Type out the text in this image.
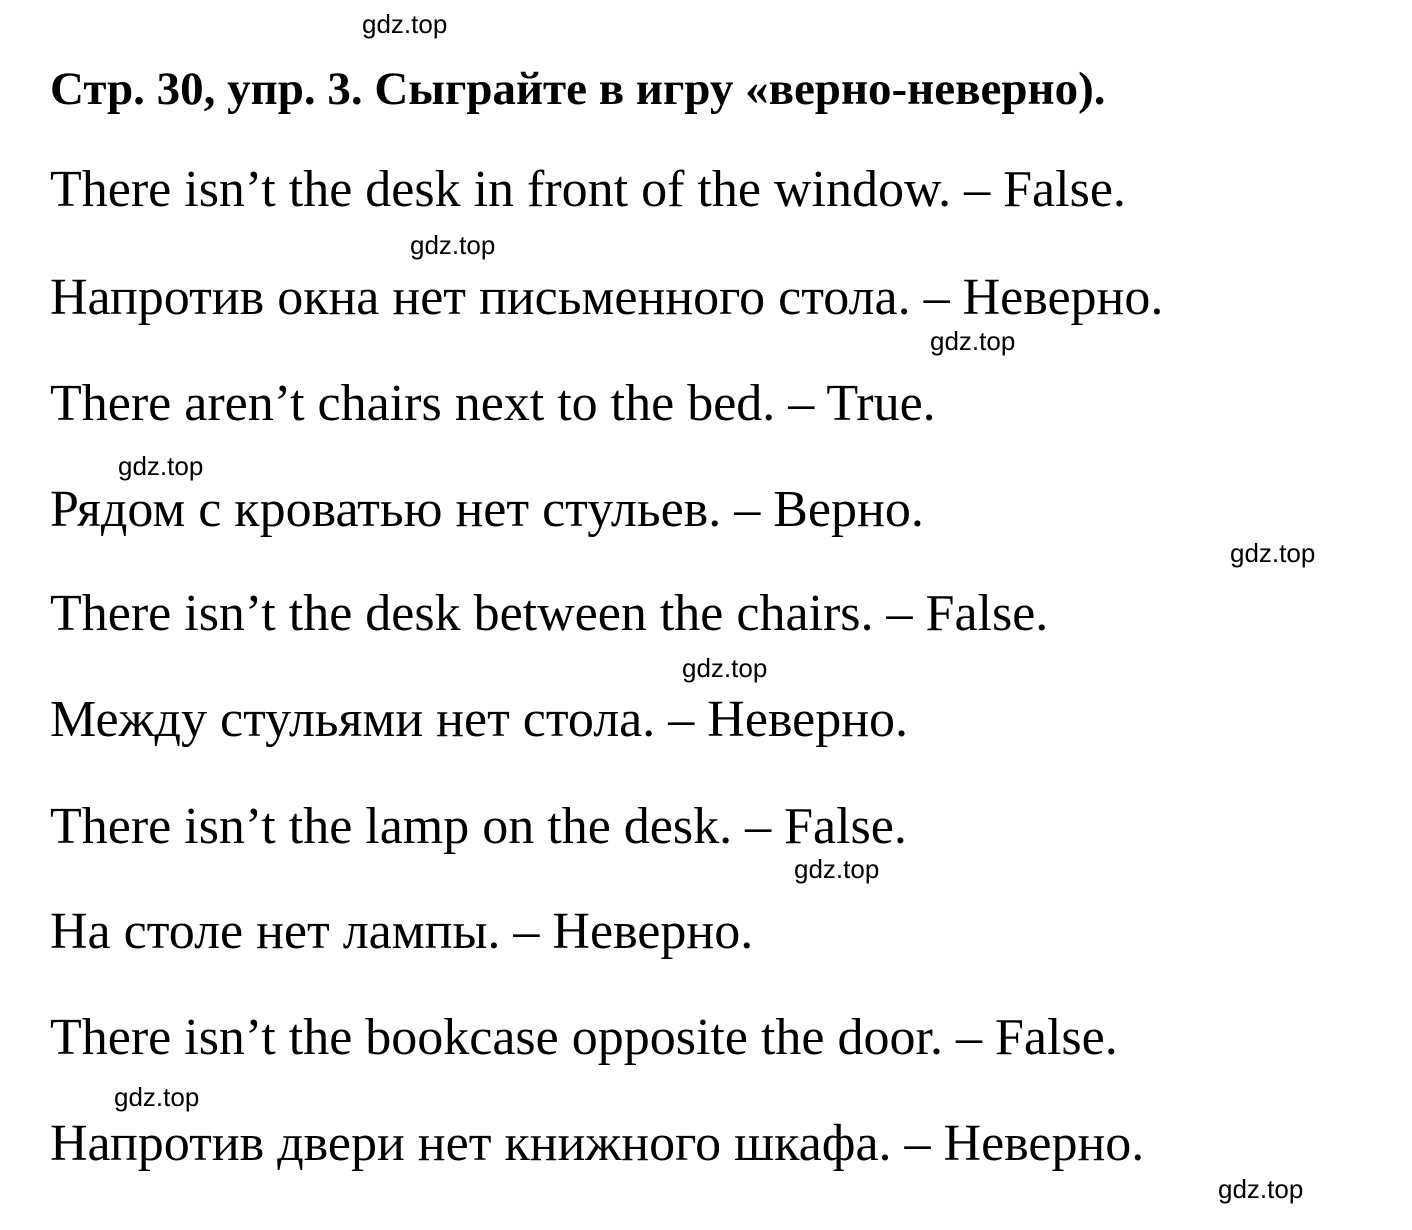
gdz.top
Стр. 30, упр. 3. Сыграйте в игру «верно-неверно).

There isn’t the desk in front of the window. – False.

gdz.top

Напротив окна нет письменного стола. – Неверно.

gdz.top

There aren’t chairs next to the bed. – True.

gdz.top

Рядом с кроватью нет стульев. – Верно.

gdz.top

There isn’t the desk between the chairs. – False.

gdz.top

Между стульями нет стола. – Неверно.

There isn’t the lamp on the desk. – False.

gdz.top

На столе нет лампы. – Неверно.

There isn’t the bookcase opposite the door. – False.

gdz.top

Напротив двери нет книжного шкафа. – Неверно.

gdz.top
